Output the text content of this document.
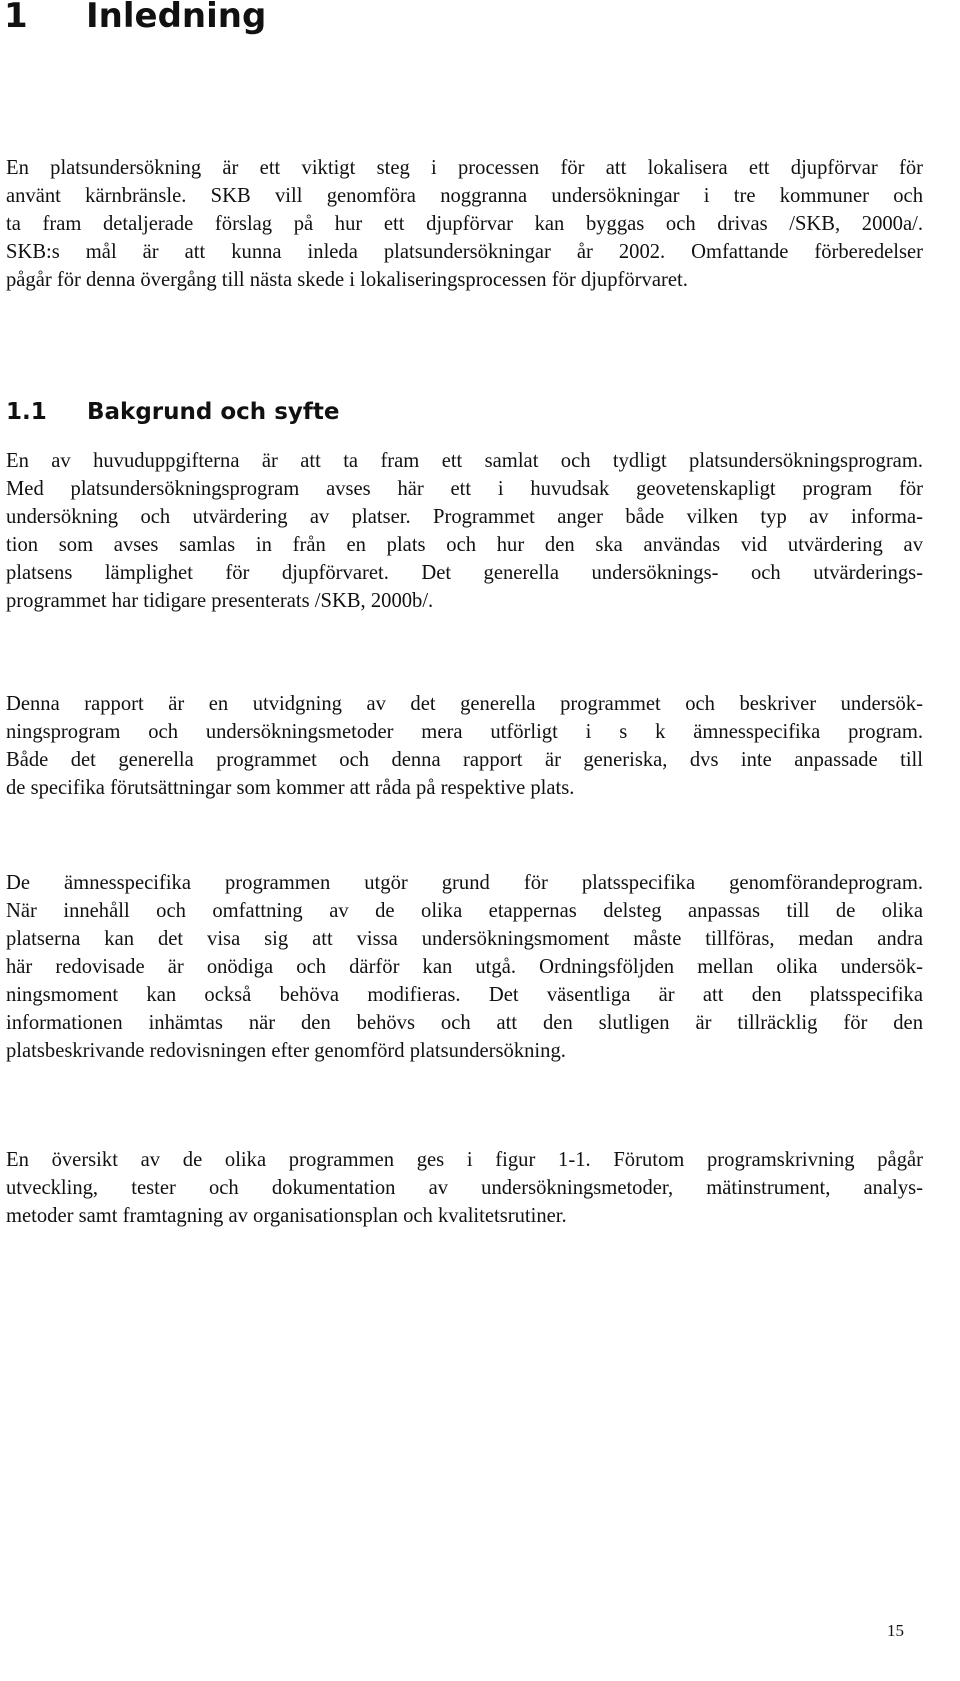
1 Inledning

En platsundersökning är ett viktigt steg i processen för att lokalisera ett djupförvar för
använt kärnbränsle. SKB vill genomföra noggranna undersökningar i tre kommuner och
ta fram detaljerade förslag på hur ett djupförvar kan byggas och drivas /SKB, 2000a/.
SKB:s mål är att kunna inleda platsundersökningar år 2002. Omfattande förberedelser
pågår för denna övergång till nästa skede i lokaliseringsprocessen för djupförvaret.

1.1 Bakgrund och syfte

En av huvuduppgifterna är att ta fram ett samlat och tydligt platsundersökningsprogram.
Med platsundersökningsprogram avses här ett i huvudsak geovetenskapligt program för
undersökning och utvärdering av platser. Programmet anger både vilken typ av informa-
tion som avses samlas in från en plats och hur den ska användas vid utvärdering av
platsens lämplighet för djupförvaret. Det generella undersöknings- och utvärderings-
programmet har tidigare presenterats /SKB, 2000b/.

Denna rapport är en utvidgning av det generella programmet och beskriver undersök-
ningsprogram och undersökningsmetoder mera utförligt i s k ämnesspecifika program.
Både det generella programmet och denna rapport är generiska, dvs inte anpassade till
de specifika förutsättningar som kommer att råda på respektive plats.

De ämnesspecifika programmen utgör grund för platsspecifika genomförandeprogram.
När innehåll och omfattning av de olika etappernas delsteg anpassas till de olika
platserna kan det visa sig att vissa undersökningsmoment måste tillföras, medan andra
här redovisade är onödiga och därför kan utgå. Ordningsföljden mellan olika undersök-
ningsmoment kan också behöva modifieras. Det väsentliga är att den platsspecifika
informationen inhämtas när den behövs och att den slutligen är tillräcklig för den
platsbeskrivande redovisningen efter genomförd platsundersökning.

En översikt av de olika programmen ges i figur 1-1. Förutom programskrivning pågår
utveckling, tester och dokumentation av undersökningsmetoder, mätinstrument, analys-
metoder samt framtagning av organisationsplan och kvalitetsrutiner.

15
